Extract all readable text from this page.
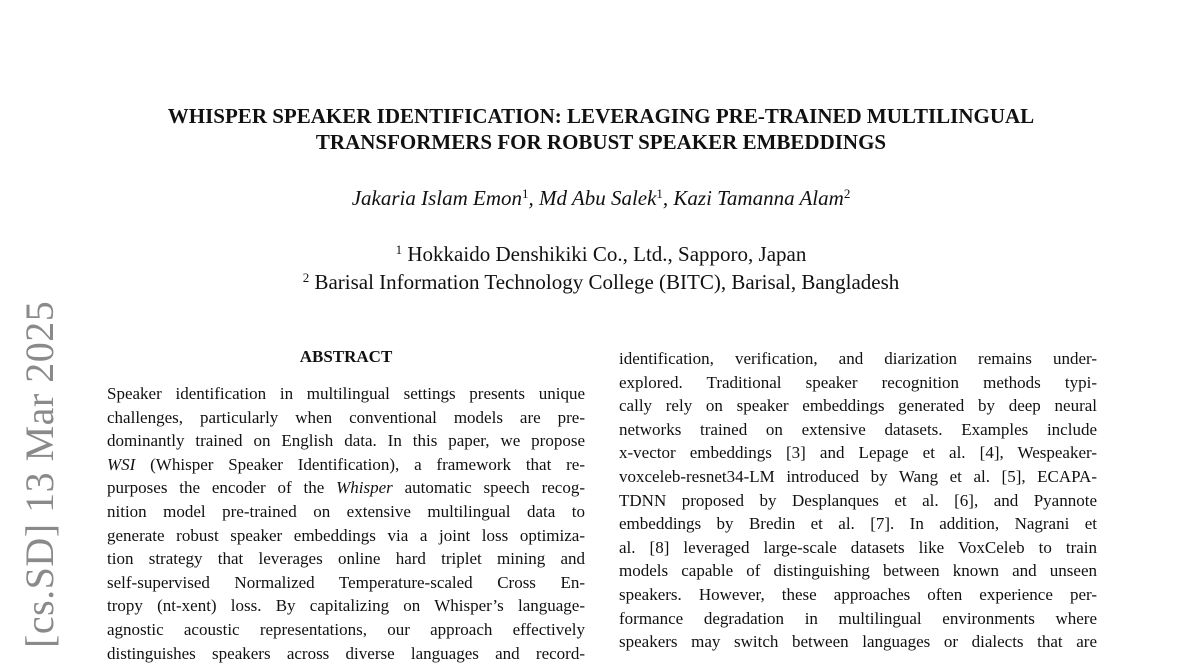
[cs.SD] 13 Mar 2025
WHISPER SPEAKER IDENTIFICATION: LEVERAGING PRE-TRAINED MULTILINGUAL
TRANSFORMERS FOR ROBUST SPEAKER EMBEDDINGS
Jakaria Islam Emon$^1$, Md Abu Salek$^1$, Kazi Tamanna Alam$^2$
$^1$ Hokkaido Denshikiki Co., Ltd., Sapporo, Japan
$^2$ Barisal Information Technology College (BITC), Barisal, Bangladesh
ABSTRACT
Speaker identification in multilingual settings presents unique
challenges, particularly when conventional models are pre-
dominantly trained on English data. In this paper, we propose
WSI (Whisper Speaker Identification), a framework that re-
purposes the encoder of the Whisper automatic speech recog-
nition model pre-trained on extensive multilingual data to
generate robust speaker embeddings via a joint loss optimiza-
tion strategy that leverages online hard triplet mining and
self-supervised Normalized Temperature-scaled Cross En-
tropy (nt-xent) loss. By capitalizing on Whisper’s language-
agnostic acoustic representations, our approach effectively
distinguishes speakers across diverse languages and record-
identification, verification, and diarization remains under-
explored. Traditional speaker recognition methods typi-
cally rely on speaker embeddings generated by deep neural
networks trained on extensive datasets. Examples include
x-vector embeddings [3] and Lepage et al. [4], Wespeaker-
voxceleb-resnet34-LM introduced by Wang et al. [5], ECAPA-
TDNN proposed by Desplanques et al. [6], and Pyannote
embeddings by Bredin et al. [7]. In addition, Nagrani et
al. [8] leveraged large-scale datasets like VoxCeleb to train
models capable of distinguishing between known and unseen
speakers. However, these approaches often experience per-
formance degradation in multilingual environments where
speakers may switch between languages or dialects that are
